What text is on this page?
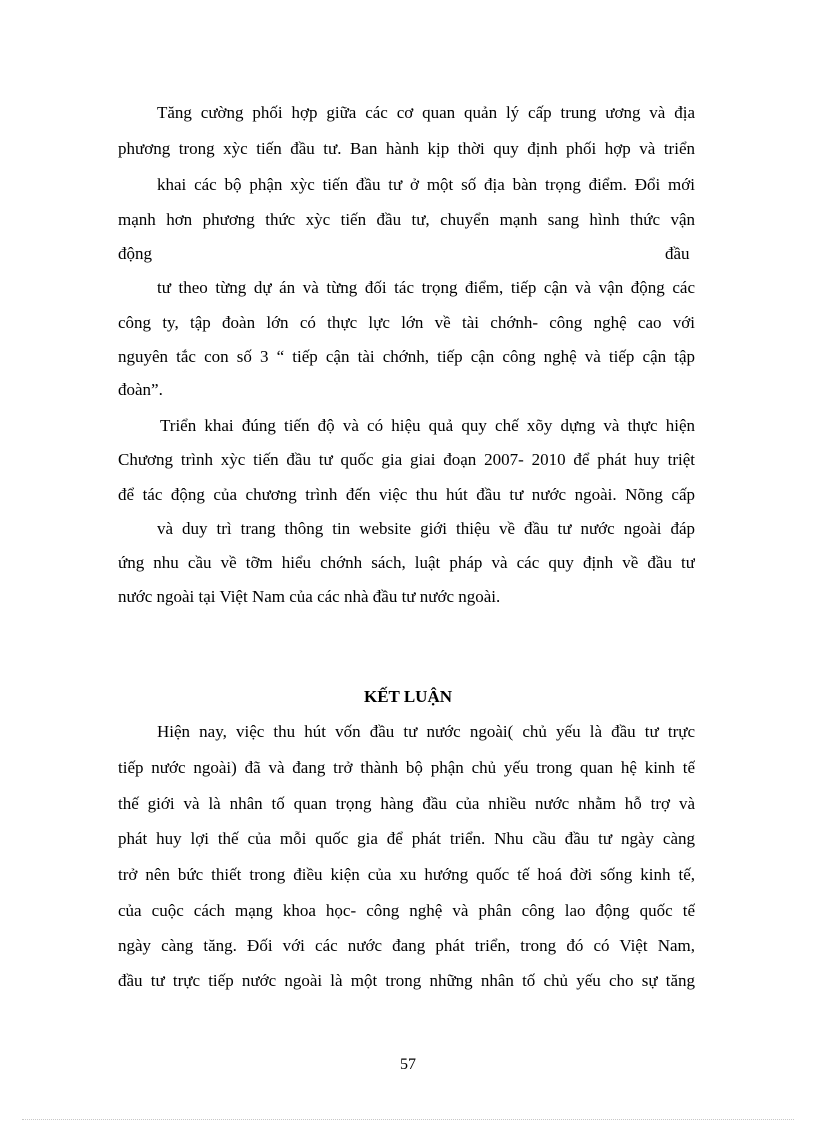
Tăng cường phối hợp giữa các cơ quan quản lý cấp trung ương và địa
phương trong xỳc tiến đầu tư. Ban hành kịp thời quy định phối hợp và triển
khai các bộ phận xỳc tiến đầu tư ở một số địa bàn trọng điểm. Đổi mới
mạnh hơn phương thức xỳc tiến đầu tư, chuyển mạnh sang hình thức vận
động	đầu
tư theo từng dự án và từng đối tác trọng điểm, tiếp cận và vận động các
công ty, tập đoàn lớn có thực lực lớn về tài chớnh- công nghệ cao với
nguyên tắc con số 3 “ tiếp cận tài chớnh, tiếp cận công nghệ và tiếp cận tập
đoàn”.
Triển khai đúng tiến độ và có hiệu quả quy chế xõy dựng và thực hiện
Chương trình xỳc tiến đầu tư quốc gia giai đoạn 2007- 2010 để phát huy triệt
để tác động của chương trình đến việc thu hút đầu tư nước ngoài. Nõng cấp
và duy trì trang thông tin website giới thiệu về đầu tư nước ngoài đáp
ứng nhu cầu về tỡm hiểu chớnh sách, luật pháp và các quy định về đầu tư
nước ngoài tại Việt Nam của các nhà đầu tư nước ngoài.
KẾT LUẬN
Hiện nay, việc thu hút vốn đầu tư nước ngoài( chủ yếu là đầu tư trực
tiếp nước ngoài) đã và đang trở thành bộ phận chủ yếu trong quan hệ kinh tế
thế giới và là nhân tố quan trọng hàng đầu của nhiều nước nhằm hỗ trợ và
phát huy lợi thế của mỗi quốc gia để phát triển. Nhu cầu đầu tư ngày càng
trở nên bức thiết trong điều kiện của xu hướng quốc tế hoá đời sống kinh tế,
của cuộc cách mạng khoa học- công nghệ và phân công lao động quốc tế
ngày càng tăng. Đối với các nước đang phát triển, trong đó có Việt Nam,
đầu tư trực tiếp nước ngoài là một trong những nhân tố chủ yếu cho sự tăng
57
